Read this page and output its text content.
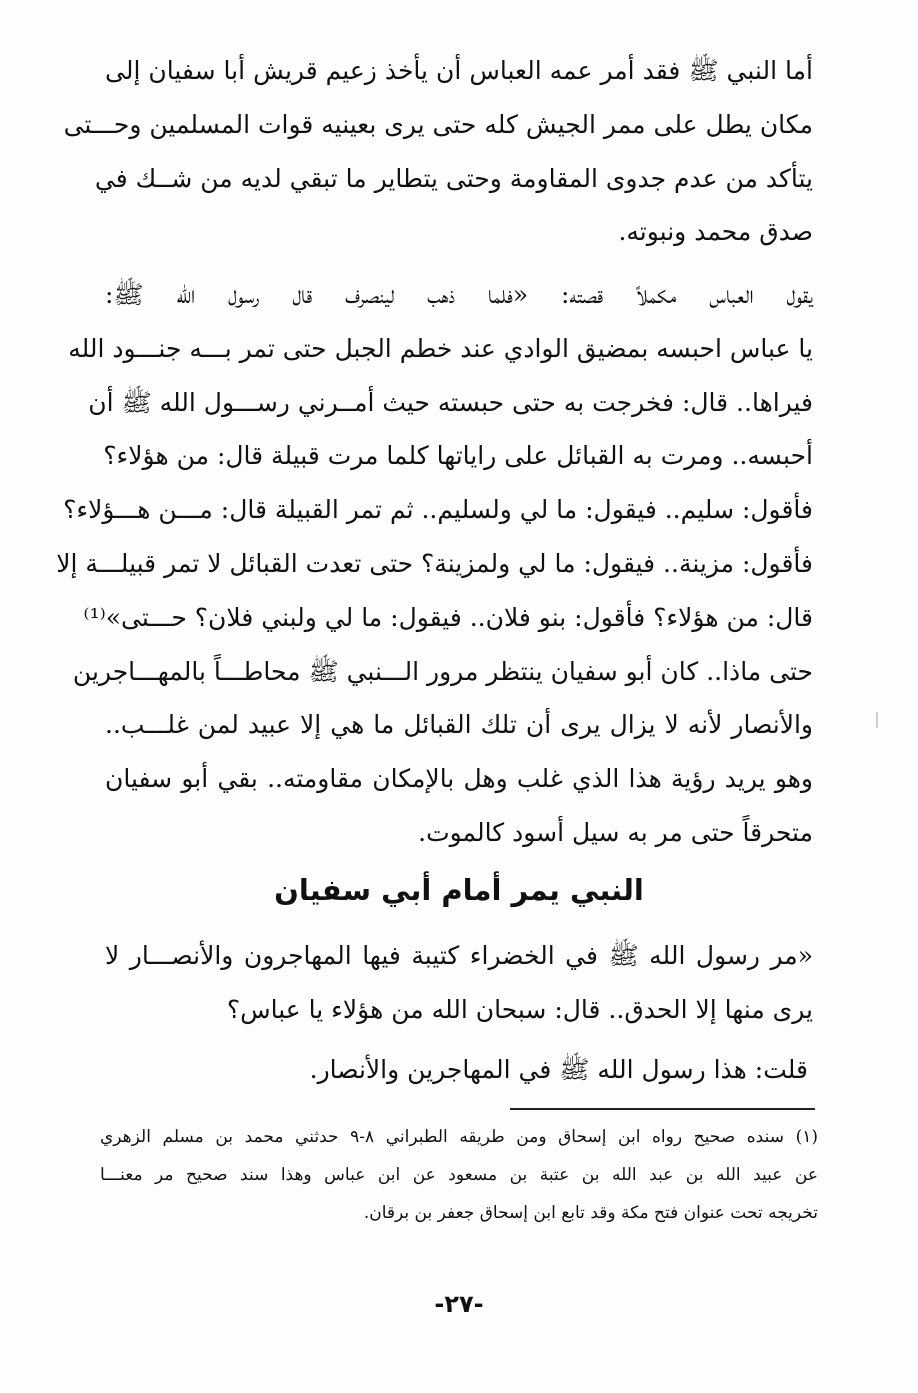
أما النبي ﷺ فقد أمر عمه العباس أن يأخذ زعيم قريش أبا سفيان إلى
مكان يطل على ممر الجيش كله حتى يرى بعينيه قوات المسلمين وحـــتى
يتأكد من عدم جدوى المقاومة وحتى يتطاير ما تبقي لديه من شــك في
صدق محمد ونبوته.
يقول العباس مكملاً قصته: «فلما ذهب لينصرف قال رسول الله ﷺ:
يا عباس احبسه بمضيق الوادي عند خطم الجبل حتى تمر بـــه جنـــود الله
فيراها.. قال: فخرجت به حتى حبسته حيث أمــرني رســـول الله ﷺ أن
أحبسه.. ومرت به القبائل على راياتها كلما مرت قبيلة قال: من هؤلاء؟
فأقول: سليم.. فيقول: ما لي ولسليم.. ثم تمر القبيلة قال: مـــن هـــؤلاء؟
فأقول: مزينة.. فيقول: ما لي ولمزينة؟ حتى تعدت القبائل لا تمر قبيلـــة إلا
قال: من هؤلاء؟ فأقول: بنو فلان.. فيقول: ما لي ولبني فلان؟ حـــتى»⁽¹⁾
حتى ماذا.. كان أبو سفيان ينتظر مرور الـــنبي ﷺ محاطـــاً بالمهـــاجرين
والأنصار لأنه لا يزال يرى أن تلك القبائل ما هي إلا عبيد لمن غلـــب..
وهو يريد رؤية هذا الذي غلب وهل بالإمكان مقاومته.. بقي أبو سفيان
متحرقاً حتى مر به سيل أسود كالموت.
النبي يمر أمام أبي سفيان
«مر رسول الله ﷺ في الخضراء كتيبة فيها المهاجرون والأنصـــار لا
يرى منها إلا الحدق.. قال: سبحان الله من هؤلاء يا عباس؟
قلت: هذا رسول الله ﷺ في المهاجرين والأنصار.
(١) سنده صحيح رواه ابن إسحاق ومن طريقه الطبراني ٨-٩ حدثني محمد بن مسلم الزهري
عن عبيد الله بن عبد الله بن عتبة بن مسعود عن ابن عباس وهذا سند صحيح مر معنـــا
تخريجه تحت عنوان فتح مكة وقد تابع ابن إسحاق جعفر بن برقان.
-٢٧-
